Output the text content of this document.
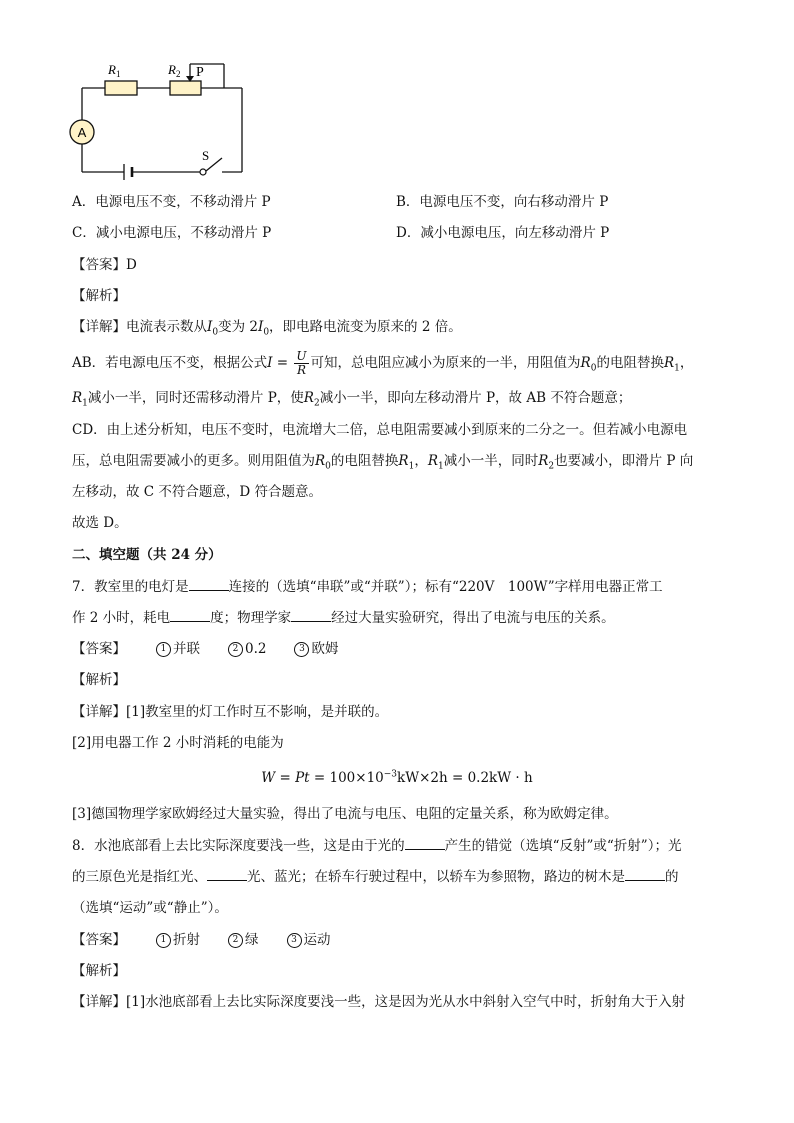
A
$R_1$	$R_2$ P
S
A．电源电压不变，不移动滑片 P	B．电源电压不变，向右移动滑片 P
C．减小电源电压，不移动滑片 P	D．减小电源电压，向左移动滑片 P
【答案】D
【解析】
【详解】电流表示数从$I_0$变为 $2I_0$，即电路电流变为原来的 2 倍。
AB．若电源电压不变，根据公式$I = \frac{U}{R}$ 可知，总电阻应减小为原来的一半，用阻值为$R_0$的电阻替换$R_1$，
$R_1$减小一半，同时还需移动滑片 P，使$R_2$减小一半，即向左移动滑片 P，故 AB 不符合题意；
CD．由上述分析知，电压不变时，电流增大二倍，总电阻需要减小到原来的二分之一。但若减小电源电
压，总电阻需要减小的更多。则用阻值为$R_0$的电阻替换$R_1$，$R_1$减小一半，同时$R_2$也要减小，即滑片 P 向
左移动，故 C 不符合题意，D 符合题意。
故选 D。
二、填空题（共 24 分）
7．教室里的电灯是	连接的（选填“串联”或“并联”）；标有“220V　100W”字样用电器正常工
作 2 小时，耗电	度；物理学家	经过大量实验研究，得出了电流与电压的关系。
【答案】	1 并联	2 0.2	3 欧姆
【解析】
【详解】[1]教室里的灯工作时互不影响，是并联的。
[2]用电器工作 2 小时消耗的电能为
$W = Pt = 100\times 10^{-3}kW\times 2h = 0.2kW \cdot h$
[3]德国物理学家欧姆经过大量实验，得出了电流与电压、电阻的定量关系，称为欧姆定律。
8．水池底部看上去比实际深度要浅一些，这是由于光的	产生的错觉（选填“反射”或“折射”）；光
的三原色光是指红光、	光、蓝光；在轿车行驶过程中，以轿车为参照物，路边的树木是	的
（选填“运动”或“静止”）。
【答案】	1 折射	2 绿	3 运动
【解析】
【详解】[1]水池底部看上去比实际深度要浅一些，这是因为光从水中斜射入空气中时，折射角大于入射
